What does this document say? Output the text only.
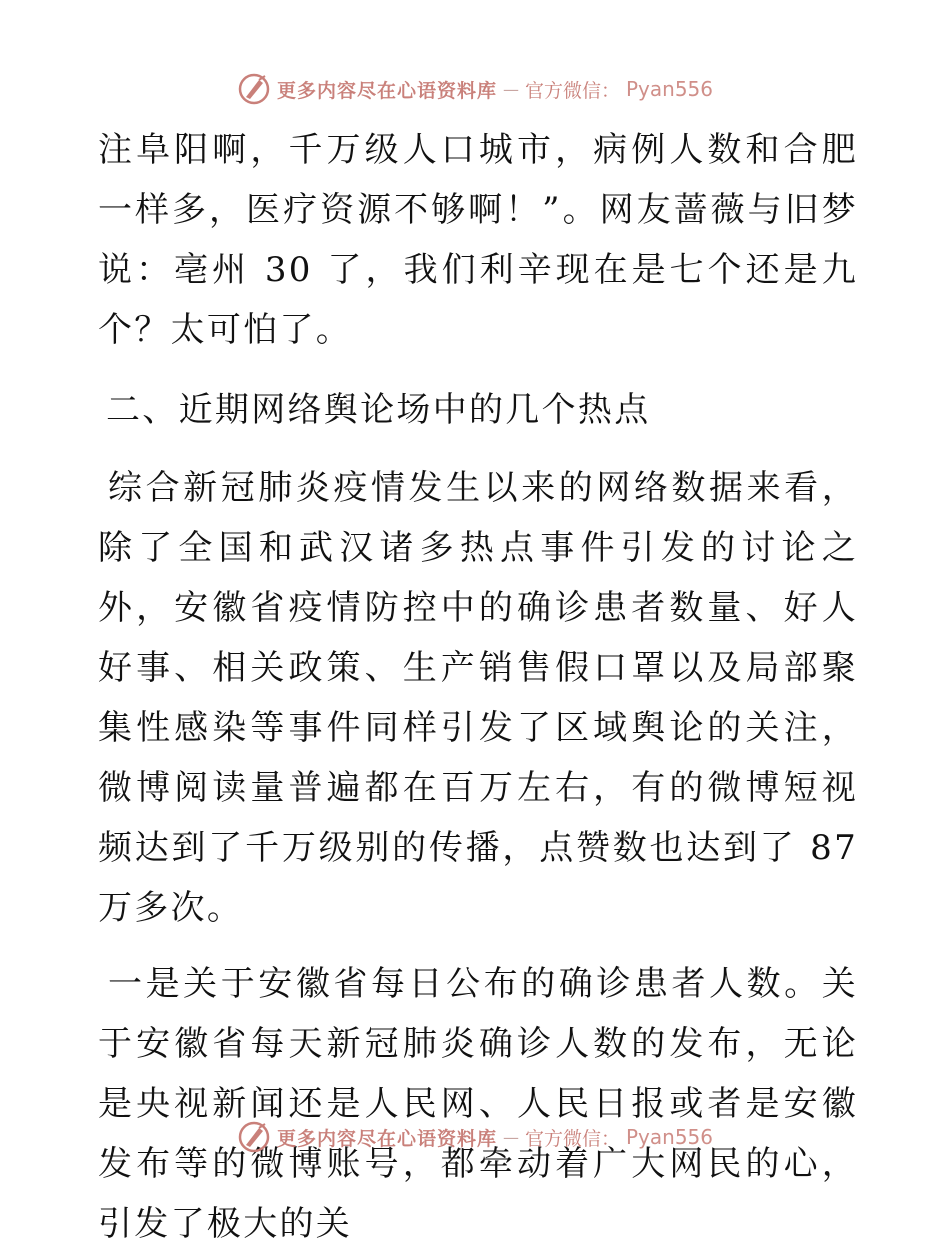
更多内容尽在心语资料库 — 官方微信： Pyan556

注阜阳啊，千万级人口城市，病例人数和合肥一样多，医疗资源不够啊！”。网友蔷薇与旧梦说：亳州 30 了，我们利辛现在是七个还是九个？太可怕了。

二、近期网络舆论场中的几个热点

综合新冠肺炎疫情发生以来的网络数据来看，除了全国和武汉诸多热点事件引发的讨论之外，安徽省疫情防控中的确诊患者数量、好人好事、相关政策、生产销售假口罩以及局部聚集性感染等事件同样引发了区域舆论的关注，微博阅读量普遍都在百万左右，有的微博短视频达到了千万级别的传播，点赞数也达到了 87 万多次。

一是关于安徽省每日公布的确诊患者人数。关于安徽省每天新冠肺炎确诊人数的发布，无论是央视新闻还是人民网、人民日报或者是安徽发布等的微博账号，都牵动着广大网民的心，引发了极大的关

更多内容尽在心语资料库 — 官方微信： Pyan556
